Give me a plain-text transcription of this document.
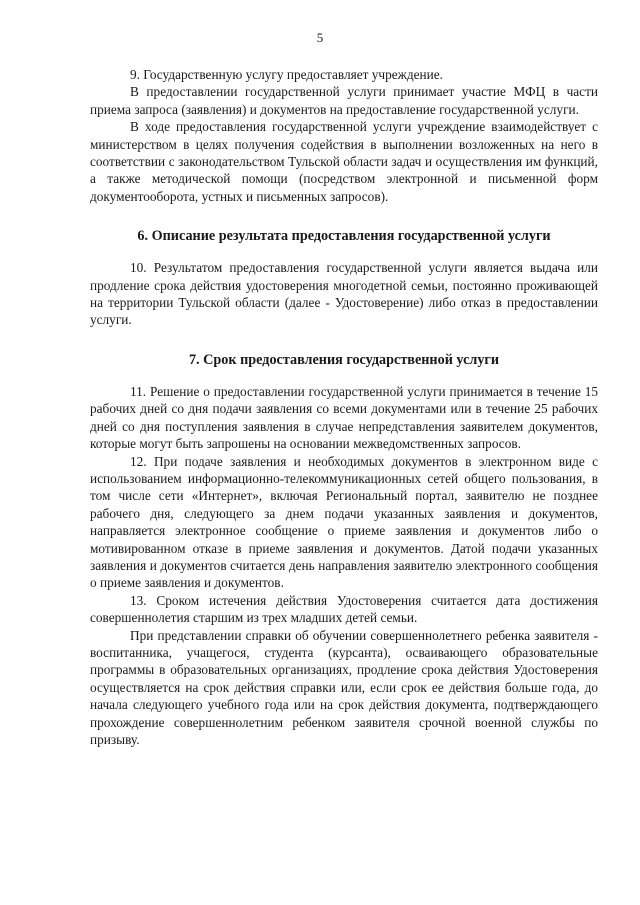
5

9. Государственную услугу предоставляет учреждение.

В предоставлении государственной услуги принимает участие МФЦ в части приема запроса (заявления) и документов на предоставление государственной услуги.

В ходе предоставления государственной услуги учреждение взаимодействует с министерством в целях получения содействия в выполнении возложенных на него в соответствии с законодательством Тульской области задач и осуществления им функций, а также методической помощи (посредством электронной и письменной форм документооборота, устных и письменных запросов).

6. Описание результата предоставления государственной услуги

10. Результатом предоставления государственной услуги является выдача или продление срока действия удостоверения многодетной семьи, постоянно проживающей на территории Тульской области (далее - Удостоверение) либо отказ в предоставлении услуги.

7. Срок предоставления государственной услуги

11. Решение о предоставлении государственной услуги принимается в течение 15 рабочих дней со дня подачи заявления со всеми документами или в течение 25 рабочих дней со дня поступления заявления в случае непредставления заявителем документов, которые могут быть запрошены на основании межведомственных запросов.

12. При подаче заявления и необходимых документов в электронном виде с использованием информационно-телекоммуникационных сетей общего пользования, в том числе сети «Интернет», включая Региональный портал, заявителю не позднее рабочего дня, следующего за днем подачи указанных заявления и документов, направляется электронное сообщение о приеме заявления и документов либо о мотивированном отказе в приеме заявления и документов. Датой подачи указанных заявления и документов считается день направления заявителю электронного сообщения о приеме заявления и документов.

13. Сроком истечения действия Удостоверения считается дата достижения совершеннолетия старшим из трех младших детей семьи.

При представлении справки об обучении совершеннолетнего ребенка заявителя - воспитанника, учащегося, студента (курсанта), осваивающего образовательные программы в образовательных организациях, продление срока действия Удостоверения осуществляется на срок действия справки или, если срок ее действия больше года, до начала следующего учебного года или на срок действия документа, подтверждающего прохождение совершеннолетним ребенком заявителя срочной военной службы по призыву.
